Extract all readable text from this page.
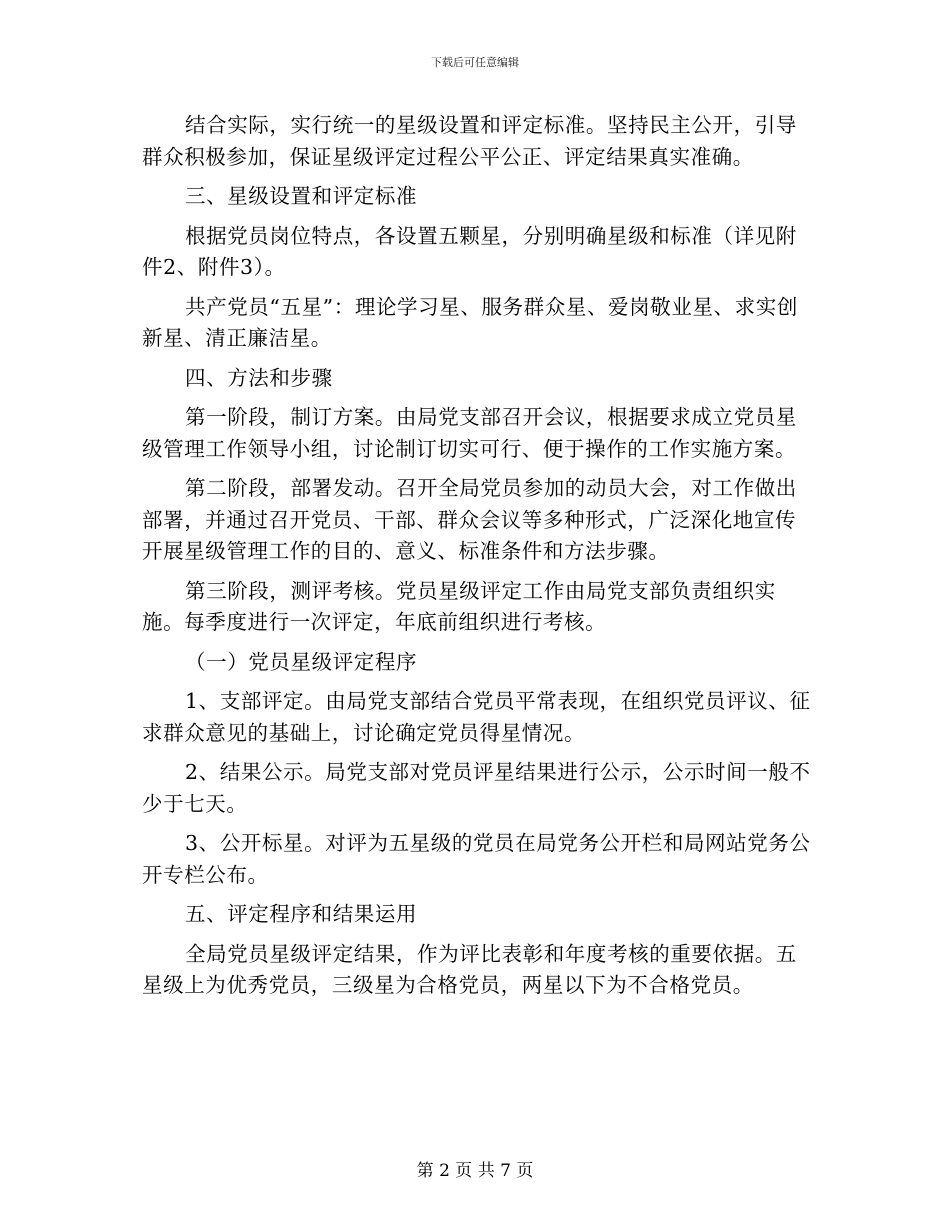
下载后可任意编辑

结合实际，实行统一的星级设置和评定标准。坚持民主公开，引导群众积极参加，保证星级评定过程公平公正、评定结果真实准确。

三、星级设置和评定标准

根据党员岗位特点，各设置五颗星，分别明确星级和标准（详见附件2、附件3）。

共产党员“五星”：理论学习星、服务群众星、爱岗敬业星、求实创新星、清正廉洁星。

四、方法和步骤

第一阶段，制订方案。由局党支部召开会议，根据要求成立党员星级管理工作领导小组，讨论制订切实可行、便于操作的工作实施方案。

第二阶段，部署发动。召开全局党员参加的动员大会，对工作做出部署，并通过召开党员、干部、群众会议等多种形式，广泛深化地宣传开展星级管理工作的目的、意义、标准条件和方法步骤。

第三阶段，测评考核。党员星级评定工作由局党支部负责组织实施。每季度进行一次评定，年底前组织进行考核。

（一）党员星级评定程序

1、支部评定。由局党支部结合党员平常表现，在组织党员评议、征求群众意见的基础上，讨论确定党员得星情况。

2、结果公示。局党支部对党员评星结果进行公示，公示时间一般不少于七天。

3、公开标星。对评为五星级的党员在局党务公开栏和局网站党务公开专栏公布。

五、评定程序和结果运用

全局党员星级评定结果，作为评比表彰和年度考核的重要依据。五星级上为优秀党员，三级星为合格党员，两星以下为不合格党员。

第 2 页 共 7 页
